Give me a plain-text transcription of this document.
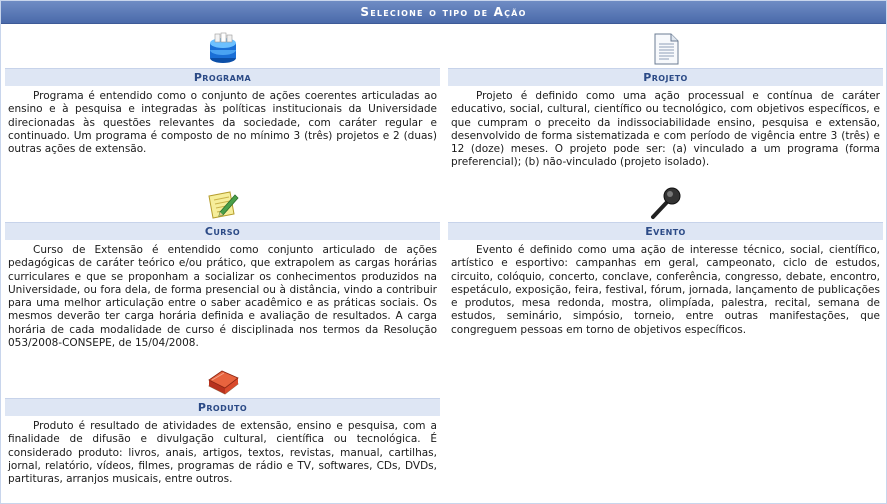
Selecione o tipo de Ação
Programa
Programa é entendido como o conjunto de ações coerentes articuladas ao ensino e à pesquisa e integradas às políticas institucionais da Universidade direcionadas às questões relevantes da sociedade, com caráter regular e continuado. Um programa é composto de no mínimo 3 (três) projetos e 2 (duas) outras ações de extensão.
Projeto
Projeto é definido como uma ação processual e contínua de caráter educativo, social, cultural, científico ou tecnológico, com objetivos específicos, e que cumpram o preceito da indissociabilidade ensino, pesquisa e extensão, desenvolvido de forma sistematizada e com período de vigência entre 3 (três) e 12 (doze) meses. O projeto pode ser: (a) vinculado a um programa (forma preferencial); (b) não-vinculado (projeto isolado).
Curso
Curso de Extensão é entendido como conjunto articulado de ações pedagógicas de caráter teórico e/ou prático, que extrapolem as cargas horárias curriculares e que se proponham a socializar os conhecimentos produzidos na Universidade, ou fora dela, de forma presencial ou à distância, vindo a contribuir para uma melhor articulação entre o saber acadêmico e as práticas sociais. Os mesmos deverão ter carga horária definida e avaliação de resultados. A carga horária de cada modalidade de curso é disciplinada nos termos da Resolução 053/2008-CONSEPE, de 15/04/2008.
Evento
Evento é definido como uma ação de interesse técnico, social, científico, artístico e esportivo: campanhas em geral, campeonato, ciclo de estudos, circuito, colóquio, concerto, conclave, conferência, congresso, debate, encontro, espetáculo, exposição, feira, festival, fórum, jornada, lançamento de publicações e produtos, mesa redonda, mostra, olimpíada, palestra, recital, semana de estudos, seminário, simpósio, torneio, entre outras manifestações, que congreguem pessoas em torno de objetivos específicos.
Produto
Produto é resultado de atividades de extensão, ensino e pesquisa, com a finalidade de difusão e divulgação cultural, científica ou tecnológica. É considerado produto: livros, anais, artigos, textos, revistas, manual, cartilhas, jornal, relatório, vídeos, filmes, programas de rádio e TV, softwares, CDs, DVDs, partituras, arranjos musicais, entre outros.
